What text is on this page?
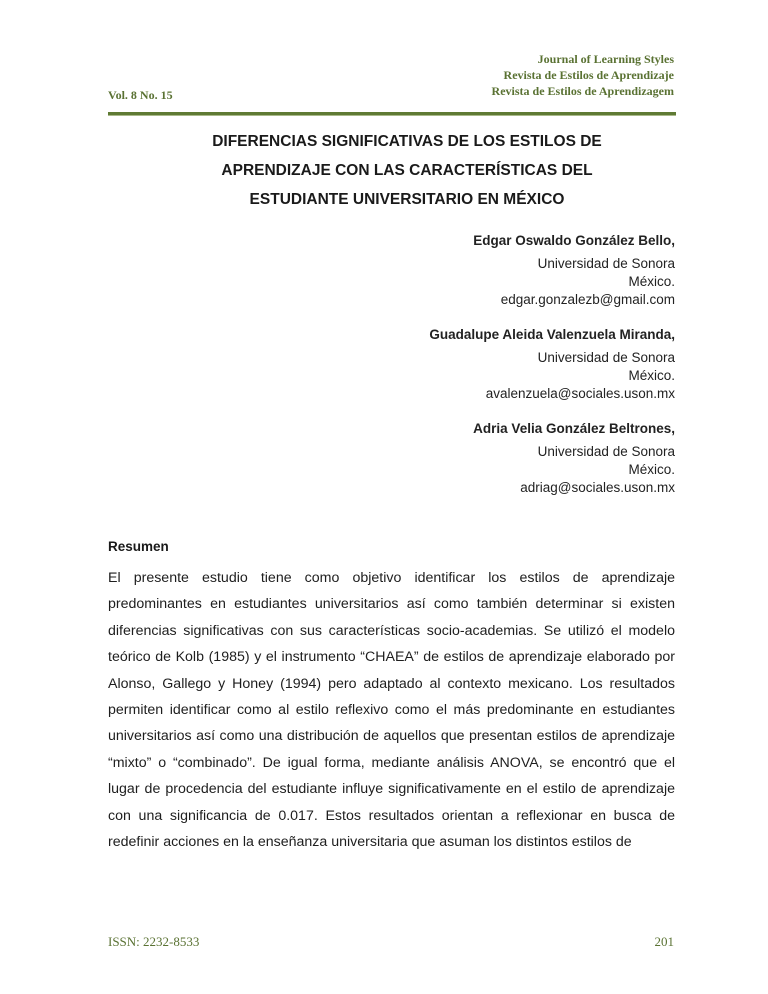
Vol. 8 No. 15
Journal of Learning Styles
Revista de Estilos de Aprendizaje
Revista de Estilos de Aprendizagem
DIFERENCIAS SIGNIFICATIVAS DE LOS ESTILOS DE
APRENDIZAJE CON LAS CARACTERÍSTICAS DEL
ESTUDIANTE UNIVERSITARIO EN MÉXICO
Edgar Oswaldo González Bello,
Universidad de Sonora
México.
edgar.gonzalezb@gmail.com
Guadalupe Aleida Valenzuela Miranda,
Universidad de Sonora
México.
avalenzuela@sociales.uson.mx
Adria Velia González Beltrones,
Universidad de Sonora
México.
adriag@sociales.uson.mx
Resumen
El presente estudio tiene como objetivo identificar los estilos de aprendizaje predominantes en estudiantes universitarios así como también determinar si existen diferencias significativas con sus características socio-academias. Se utilizó el modelo teórico de Kolb (1985) y el instrumento “CHAEA” de estilos de aprendizaje elaborado por Alonso, Gallego y Honey (1994) pero adaptado al contexto mexicano. Los resultados permiten identificar como al estilo reflexivo como el más predominante en estudiantes universitarios así como una distribución de aquellos que presentan estilos de aprendizaje “mixto” o “combinado”. De igual forma, mediante análisis ANOVA, se encontró que el lugar de procedencia del estudiante influye significativamente en el estilo de aprendizaje con una significancia de 0.017. Estos resultados orientan a reflexionar en busca de redefinir acciones en la enseñanza universitaria que asuman los distintos estilos de
ISSN: 2232-8533	201
